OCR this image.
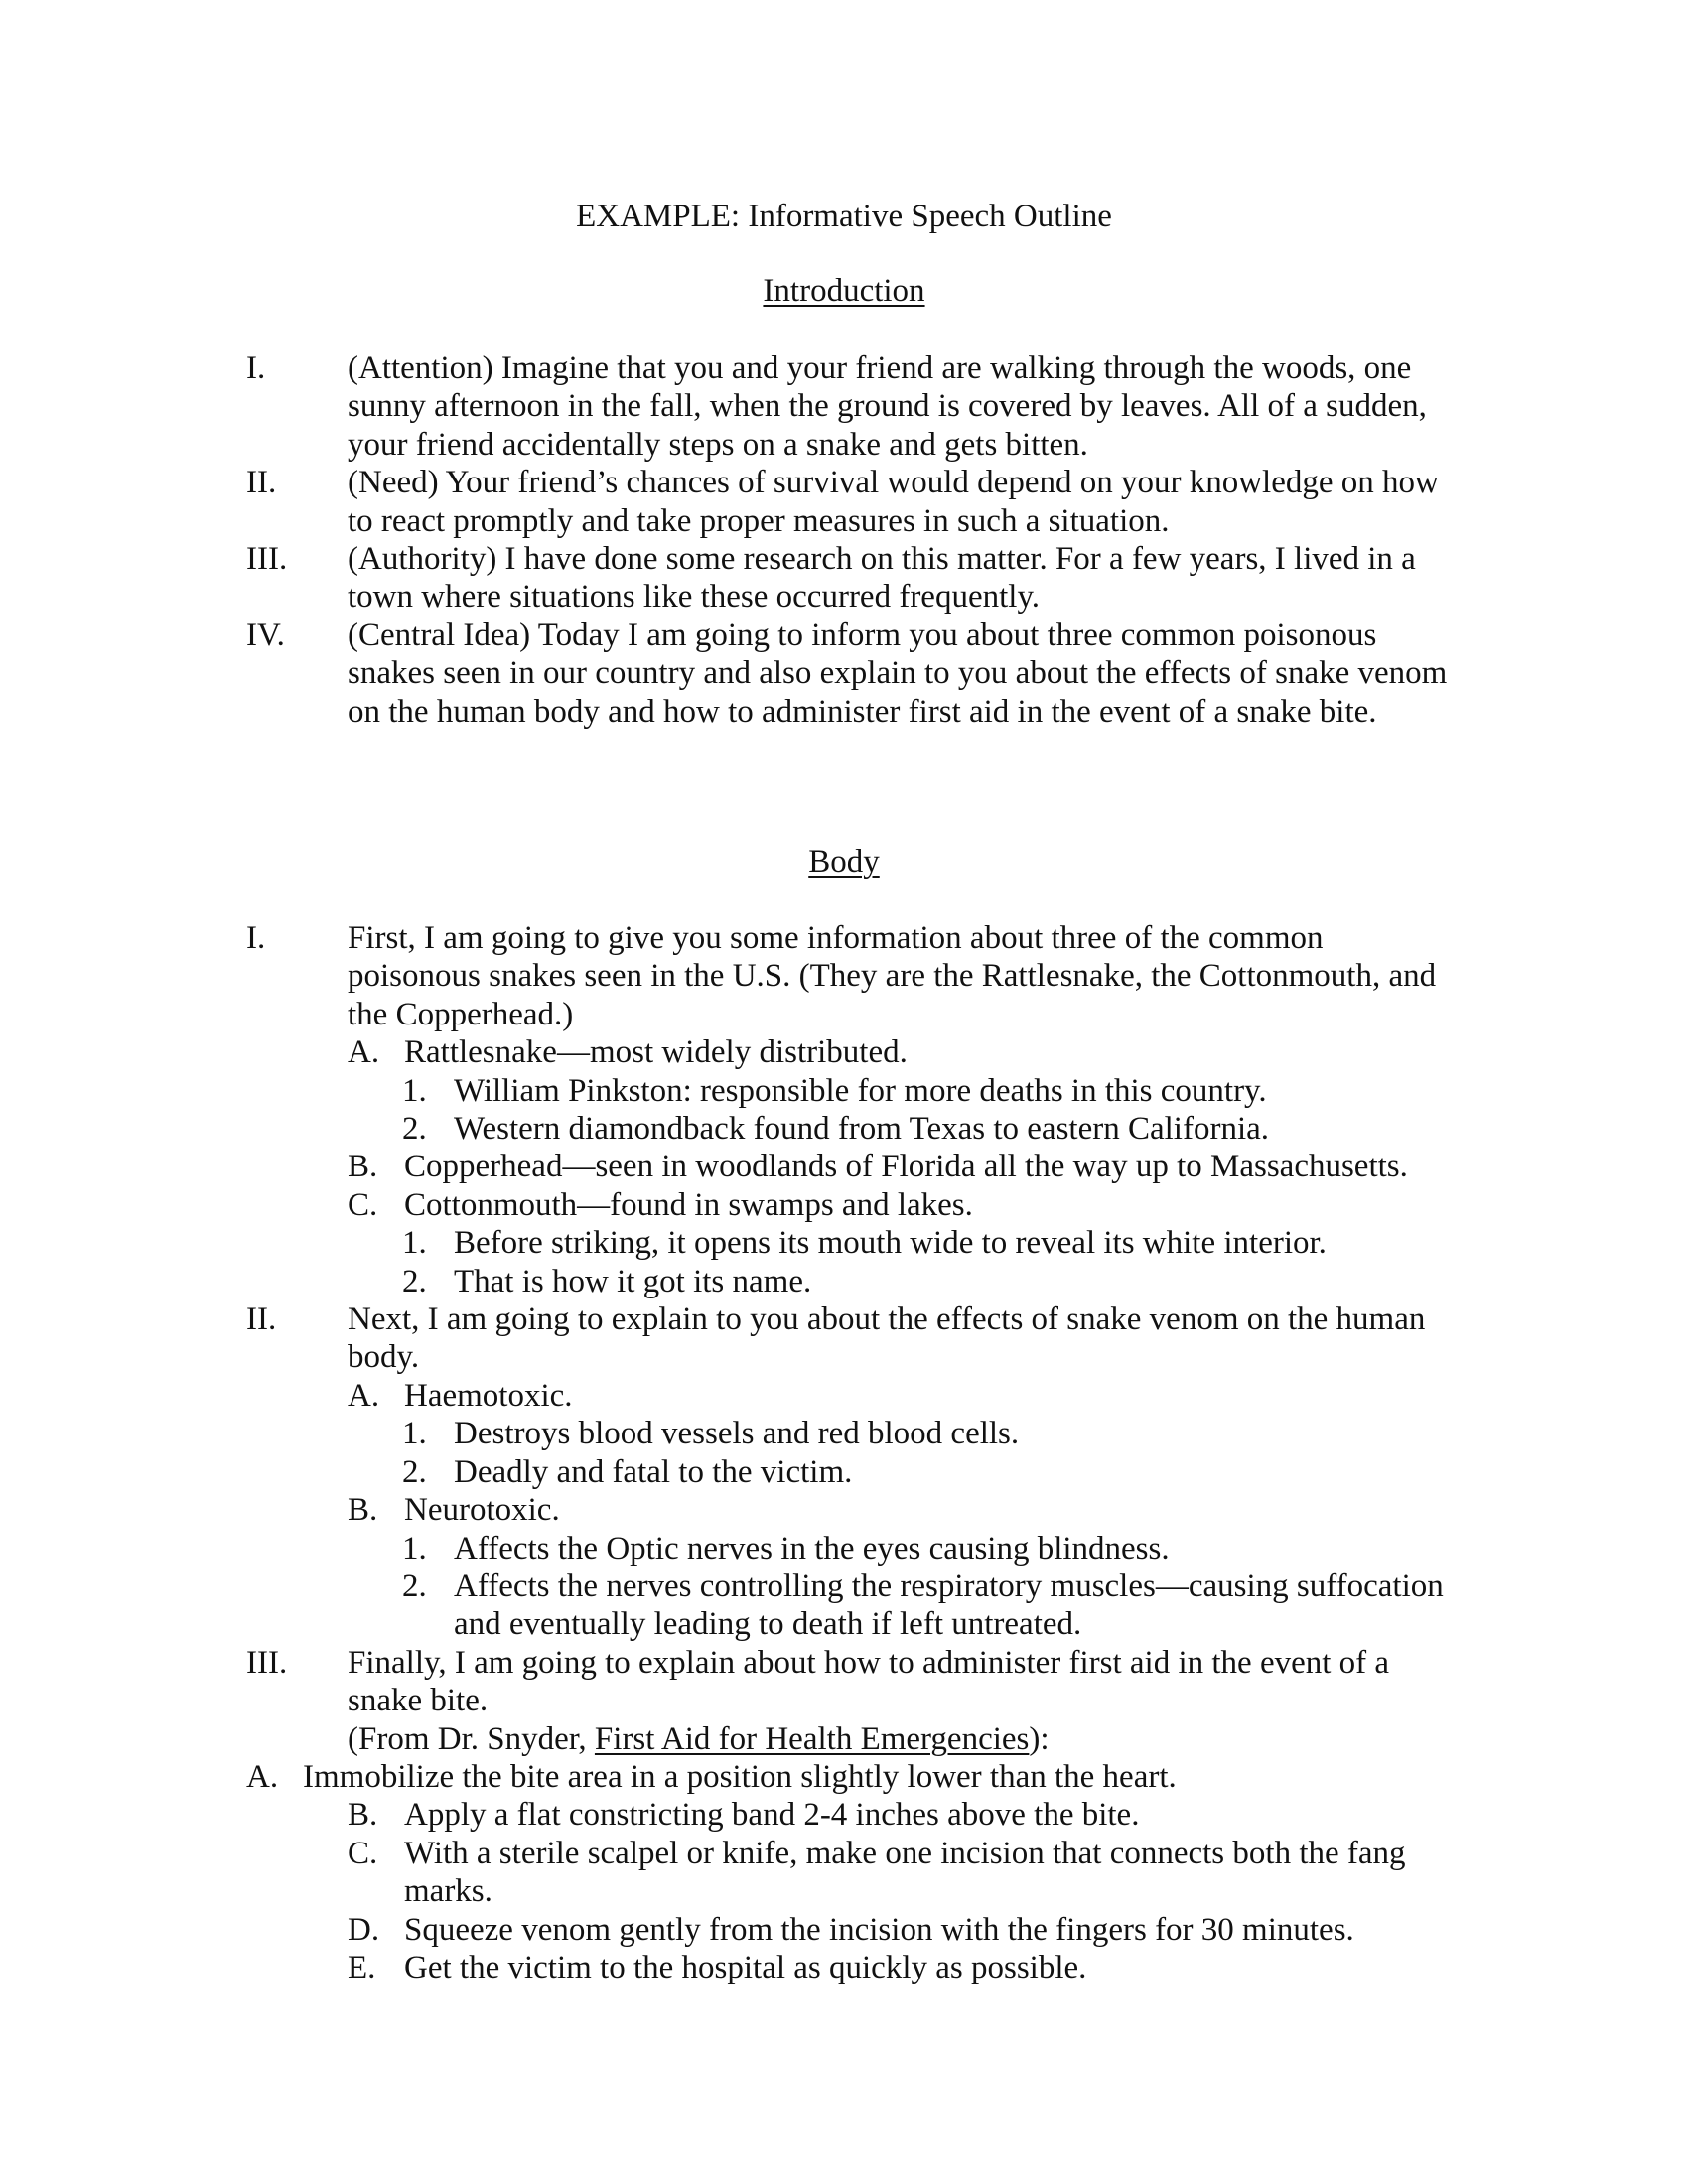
EXAMPLE: Informative Speech Outline
Introduction
I.	(Attention) Imagine that you and your friend are walking through the woods, one sunny afternoon in the fall, when the ground is covered by leaves. All of a sudden, your friend accidentally steps on a snake and gets bitten.
II. (Need) Your friend’s chances of survival would depend on your knowledge on how to react promptly and take proper measures in such a situation.
III. (Authority) I have done some research on this matter. For a few years, I lived in a town where situations like these occurred frequently.
IV. (Central Idea) Today I am going to inform you about three common poisonous snakes seen in our country and also explain to you about the effects of snake venom on the human body and how to administer first aid in the event of a snake bite.
Body
I.	First, I am going to give you some information about three of the common poisonous snakes seen in the U.S. (They are the Rattlesnake, the Cottonmouth, and the Copperhead.)
A. Rattlesnake—most widely distributed.
1. William Pinkston: responsible for more deaths in this country.
2. Western diamondback found from Texas to eastern California.
B. Copperhead—seen in woodlands of Florida all the way up to Massachusetts.
C. Cottonmouth—found in swamps and lakes.
1. Before striking, it opens its mouth wide to reveal its white interior.
2. That is how it got its name.
II. Next, I am going to explain to you about the effects of snake venom on the human body.
A. Haemotoxic.
1. Destroys blood vessels and red blood cells.
2. Deadly and fatal to the victim.
B. Neurotoxic.
1. Affects the Optic nerves in the eyes causing blindness.
2. Affects the nerves controlling the respiratory muscles—causing suffocation and eventually leading to death if left untreated.
III. Finally, I am going to explain about how to administer first aid in the event of a snake bite.
(From Dr. Snyder, First Aid for Health Emergencies):
A. Immobilize the bite area in a position slightly lower than the heart.
B. Apply a flat constricting band 2-4 inches above the bite.
C. With a sterile scalpel or knife, make one incision that connects both the fang marks.
D. Squeeze venom gently from the incision with the fingers for 30 minutes.
E. Get the victim to the hospital as quickly as possible.
